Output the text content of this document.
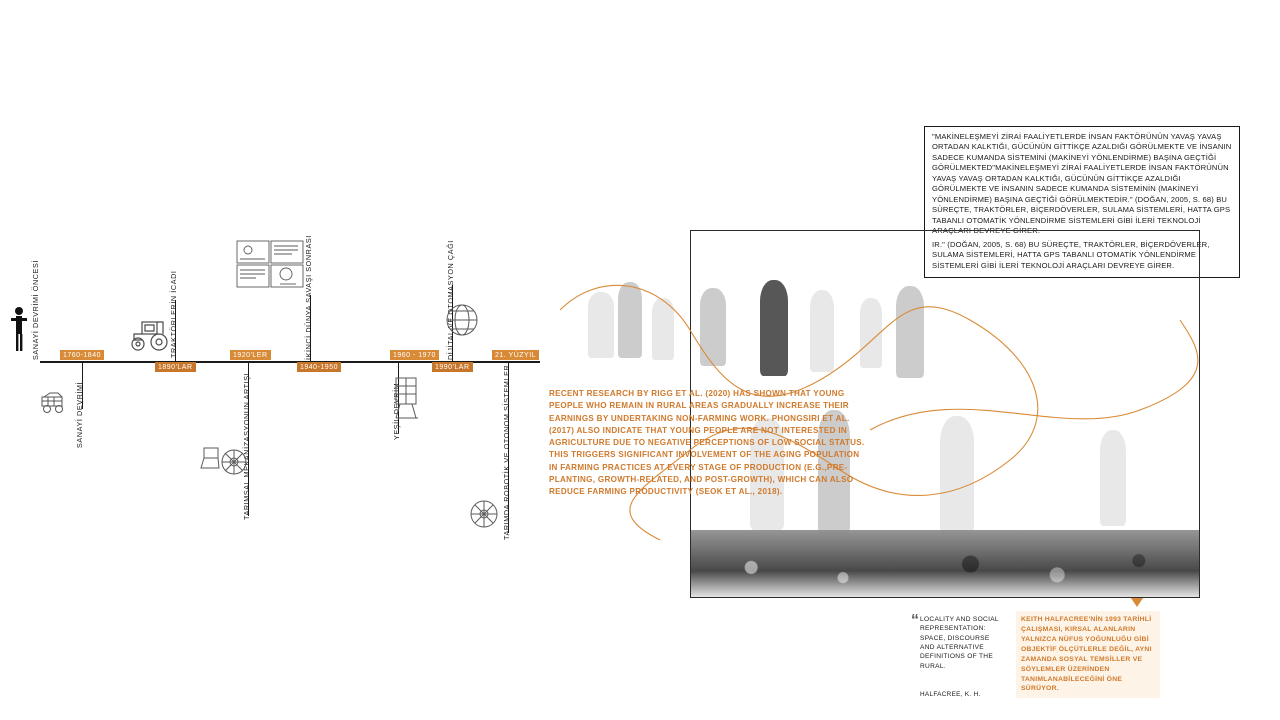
SANAYİ DEVRİMİ ÖNCESİ
SANAYİ DEVRİMİ
TRAKTÖRLERİN İCADI
TARIMSAL MEKANİZASYONUN ARTIŞI
İKİNCİ DÜNYA SAVAŞI SONRASI
YEŞİL DEVRİM
DİJİTAL VE OTOMASYON ÇAĞI
TARIMDA ROBOTİK VE OTONOM SİSTEMLER
1760-1840
1890'LAR
1920'LER
1940-1950
1960 - 1970
1990'LAR
21. YÜZYIL
"MAKİNELEŞMEYİ ZİRAİ FAALİYETLERDE İNSAN FAKTÖRÜNÜN YAVAŞ YAVAŞ ORTADAN KALKTIĞI, GÜCÜNÜN GİTTİKÇE AZALDIĞI GÖRÜLMEKTE VE İNSANIN SADECE KUMANDA SİSTEMİNİ (MAKİNEYİ YÖNLENDİRME) BAŞINA GEÇTİĞİ GÖRÜLMEKTED"MAKİNELEŞMEYİ ZİRAİ FAALİYETLERDE İNSAN FAKTÖRÜNÜN YAVAŞ YAVAŞ ORTADAN KALKTIĞI, GÜCÜNÜN GİTTİKÇE AZALDIĞI GÖRÜLMEKTE VE İNSANIN SADECE KUMANDA SİSTEMİNİN (MAKİNEYİ YÖNLENDİRME) BAŞINA GEÇTİĞİ GÖRÜLMEKTEDİR." (DOĞAN, 2005, S. 68) BU SÜREÇTE, TRAKTÖRLER, BİÇERDÖVERLER, SULAMA SİSTEMLERİ, HATTA GPS TABANLI OTOMATİK YÖNLENDİRME SİSTEMLERİ GİBİ İLERİ TEKNOLOJİ ARAÇLARI DEVREYE GİRER.
IR." (DOĞAN, 2005, S. 68) BU SÜREÇTE, TRAKTÖRLER, BİÇERDÖVERLER, SULAMA SİSTEMLERİ, HATTA GPS TABANLI OTOMATİK YÖNLENDİRME SİSTEMLERİ GİBİ İLERİ TEKNOLOJİ ARAÇLARI DEVREYE GİRER.
RECENT RESEARCH BY RIGG ET AL. (2020) HAS SHOWN THAT YOUNG PEOPLE WHO REMAIN IN RURAL AREAS GRADUALLY INCREASE THEIR EARNINGS BY UNDERTAKING NON-FARMING WORK. PHONGSIRI ET AL. (2017) ALSO INDICATE THAT YOUNG PEOPLE ARE NOT INTERESTED IN AGRICULTURE DUE TO NEGATIVE PERCEPTIONS OF LOW SOCIAL STATUS. THIS TRIGGERS SIGNIFICANT INVOLVEMENT OF THE AGING POPULATION IN FARMING PRACTICES AT EVERY STAGE OF PRODUCTION (E.G.,PRE-PLANTING, GROWTH-RELATED, AND POST-GROWTH), WHICH CAN ALSO REDUCE FARMING PRODUCTIVITY (SEOK ET AL., 2018).
“ LOCALITY AND SOCIAL REPRESENTATION: SPACE, DISCOURSE AND ALTERNATIVE DEFINITIONS OF THE RURAL.
HALFACREE, K. H.
KEITH HALFACREE'NİN 1993 TARİHLİ ÇALIŞMASI, KIRSAL ALANLARIN YALNIZCA NÜFUS YOĞUNLUĞU GİBİ OBJEKTİF ÖLÇÜTLERLE DEĞİL, AYNI ZAMANDA SOSYAL TEMSİLLER VE SÖYLEMLER ÜZERİNDEN TANIMLANABİLECEĞİNİ ÖNE SÜRÜYOR.
